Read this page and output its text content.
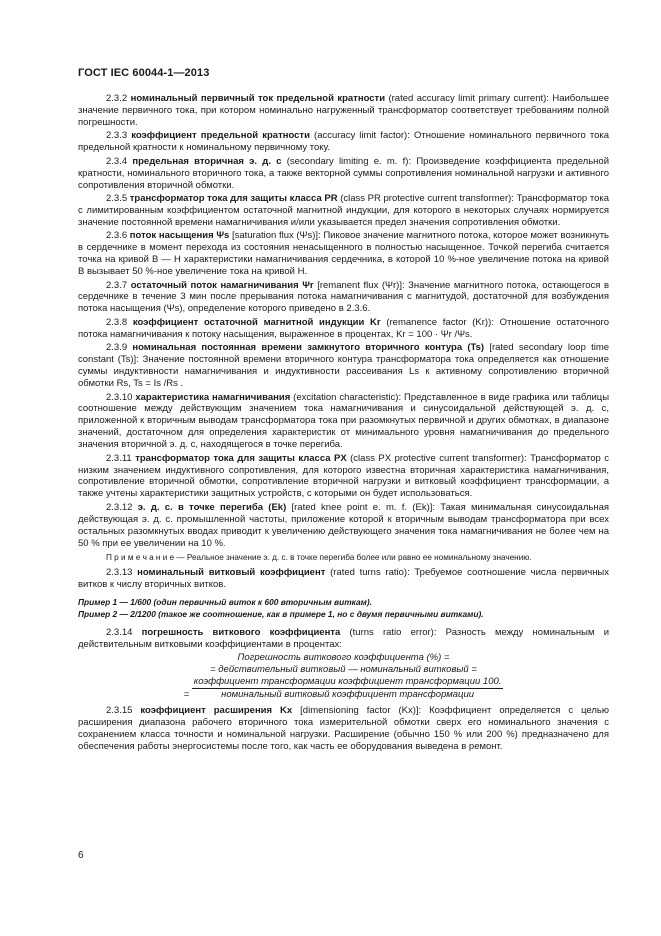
ГОСТ IEC 60044-1—2013

2.3.2 номинальный первичный ток предельной кратности (rated accuracy limit primary current): Наибольшее значение первичного тока, при котором номинально нагруженный трансформатор соответствует требованиям полной погрешности.

2.3.3 коэффициент предельной кратности (accuracy limit factor): Отношение номинального первичного тока предельной кратности к номинальному первичному току.

2.3.4 предельная вторичная э. д. с (secondary limiting e. m. f): Произведение коэффициента предельной кратности, номинального вторичного тока, а также векторной суммы сопротивления номинальной нагрузки и активного сопротивления вторичной обмотки.

2.3.5 трансформатор тока для защиты класса PR (class PR protective current transformer): Трансформатор тока с лимитированным коэффициентом остаточной магнитной индукции, для которого в некоторых случаях нормируется значение постоянной времени намагничивания и/или указывается предел значения сопротивления обмотки.

2.3.6 поток насыщения Ψs [saturation flux (Ψs)]: Пиковое значение магнитного потока, которое может возникнуть в сердечнике в момент перехода из состояния ненасыщенного в полностью насыщенное. Точкой перегиба считается точка на кривой В — Н характеристики намагничивания сердечника, в которой 10 %-ное увеличение потока на кривой В вызывает 50 %-ное увеличение тока на кривой Н.

2.3.7 остаточный поток намагничивания Ψr [remanent flux (Ψr)]: Значение магнитного потока, остающегося в сердечнике в течение 3 мин после прерывания потока намагничивания с магнитудой, достаточной для возбуждения потока насыщения (Ψs), определение которого приведено в 2.3.6.

2.3.8 коэффициент остаточной магнитной индукции Kr (remanence factor (Kr)): Отношение остаточного потока намагничивания к потоку насыщения, выраженное в процентах, Kr = 100 · Ψr /Ψs.

2.3.9 номинальная постоянная времени замкнутого вторичного контура (Ts) [rated secondary loop time constant (Ts)]: Значение постоянной времени вторичного контура трансформатора тока определяется как отношение суммы индуктивности намагничивания и индуктивности рассеивания Ls к активному сопротивлению вторичной обмотки Rs, Ts = Is /Rs .

2.3.10 характеристика намагничивания (excitation characteristic): Представленное в виде графика или таблицы соотношение между действующим значением тока намагничивания и синусоидальной действующей э. д. с, приложенной к вторичным выводам трансформатора тока при разомкнутых первичной и других обмотках, в диапазоне значений, достаточном для определения характеристик от минимального уровня намагничивания до предельного значения вторичной э. д. с, находящегося в точке перегиба.

2.3.11 трансформатор тока для защиты класса PX (class PX protective current transformer): Трансформатор с низким значением индуктивного сопротивления, для которого известна вторичная характеристика намагничивания, сопротивление вторичной обмотки, сопротивление вторичной нагрузки и витковый коэффициент трансформации, а также учтены характеристики защитных устройств, с которыми он будет использоваться.

2.3.12 э. д. с. в точке перегиба (Ek) [rated knee point e. m. f. (Ek)]: Такая минимальная синусоидальная действующая э. д. с. промышленной частоты, приложение которой к вторичным выводам трансформатора при всех остальных разомкнутых вводах приводит к увеличению действующего значения тока намагничивания не более чем на 50 % при ее увеличении на 10 %.

П р и м е ч а н и е — Реальное значение э. д. с. в точке перегиба более или равно ее номинальному значению.

2.3.13 номинальный витковый коэффициент (rated turns ratio): Требуемое соотношение числа первичных витков к числу вторичных витков.

Пример 1 — 1/600 (один первичный виток к 600 вторичным виткам).

Пример 2 — 2/1200 (такое же соотношение, как в примере 1, но с двумя первичными витками).

2.3.14 погрешность виткового коэффициента (turns ratio error): Разность между номинальным и действительным витковыми коэффициентами в процентах:

Погрешность виткового коэффициента (%) =
= действительный витковый — номинальный витковый =
= $\frac{\text{коэффициент трансформации коэффициент трансформации 100.}}{\text{номинальный витковый коэффициент трансформации}}$

2.3.15 коэффициент расширения Kx [dimensioning factor (Kx)]: Коэффициент определяется с целью расширения диапазона рабочего вторичного тока измерительной обмотки сверх его номинального значения с сохранением класса точности и номинальной нагрузки. Расширение (обычно 150 % или 200 %) предназначено для обеспечения работы энергосистемы после того, как часть ее оборудования выведена в ремонт.

6
